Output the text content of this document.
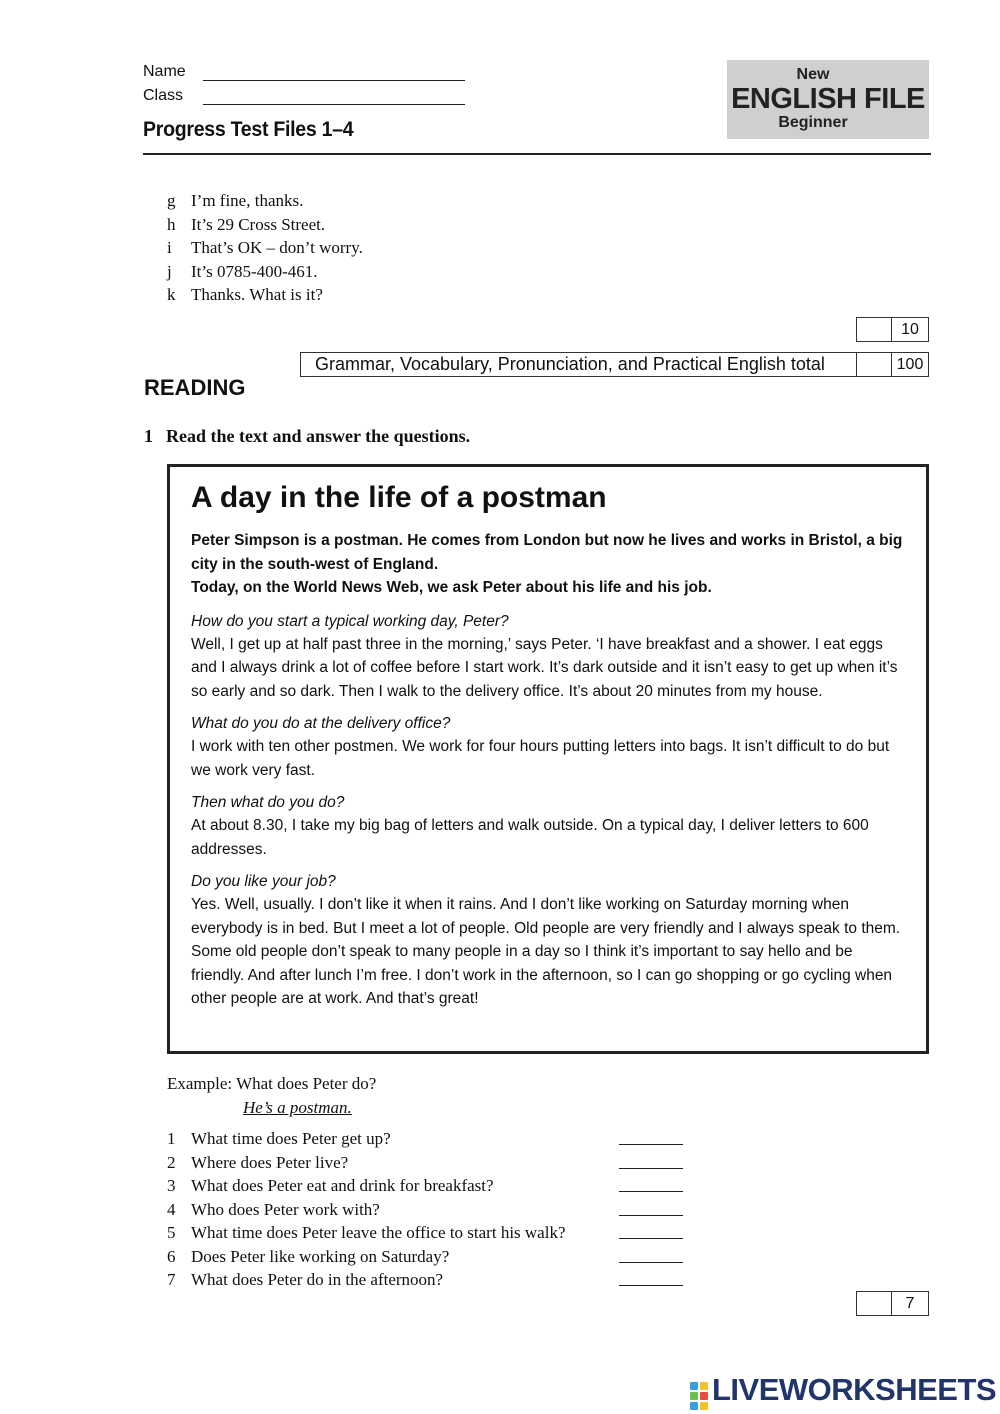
Name
Class
Progress Test Files 1–4
New
ENGLISH FILE
Beginner
g I’m fine, thanks.
h It’s 29 Cross Street.
i That’s OK – don’t worry.
j It’s 0785-400-461.
k Thanks. What is it?
10
Grammar, Vocabulary, Pronunciation, and Practical English total	100
READING
1 Read the text and answer the questions.
A day in the life of a postman
Peter Simpson is a postman. He comes from London but now he lives and works in Bristol, a big city in the south-west of England.
Today, on the World News Web, we ask Peter about his life and his job.
How do you start a typical working day, Peter?
Well, I get up at half past three in the morning,’ says Peter. ‘I have breakfast and a shower. I eat eggs and I always drink a lot of coffee before I start work. It’s dark outside and it isn’t easy to get up when it’s so early and so dark. Then I walk to the delivery office. It’s about 20 minutes from my house.
What do you do at the delivery office?
I work with ten other postmen. We work for four hours putting letters into bags. It isn’t difficult to do but we work very fast.
Then what do you do?
At about 8.30, I take my big bag of letters and walk outside. On a typical day, I deliver letters to 600 addresses.
Do you like your job?
Yes. Well, usually. I don’t like it when it rains. And I don’t like working on Saturday morning when everybody is in bed. But I meet a lot of people. Old people are very friendly and I always speak to them. Some old people don’t speak to many people in a day so I think it’s important to say hello and be friendly. And after lunch I’m free. I don’t work in the afternoon, so I can go shopping or go cycling when other people are at work. And that’s great!
Example: What does Peter do?
He’s a postman.
1 What time does Peter get up?
2 Where does Peter live?
3 What does Peter eat and drink for breakfast?
4 Who does Peter work with?
5 What time does Peter leave the office to start his walk?
6 Does Peter like working on Saturday?
7 What does Peter do in the afternoon?
7
LIVEWORKSHEETS
